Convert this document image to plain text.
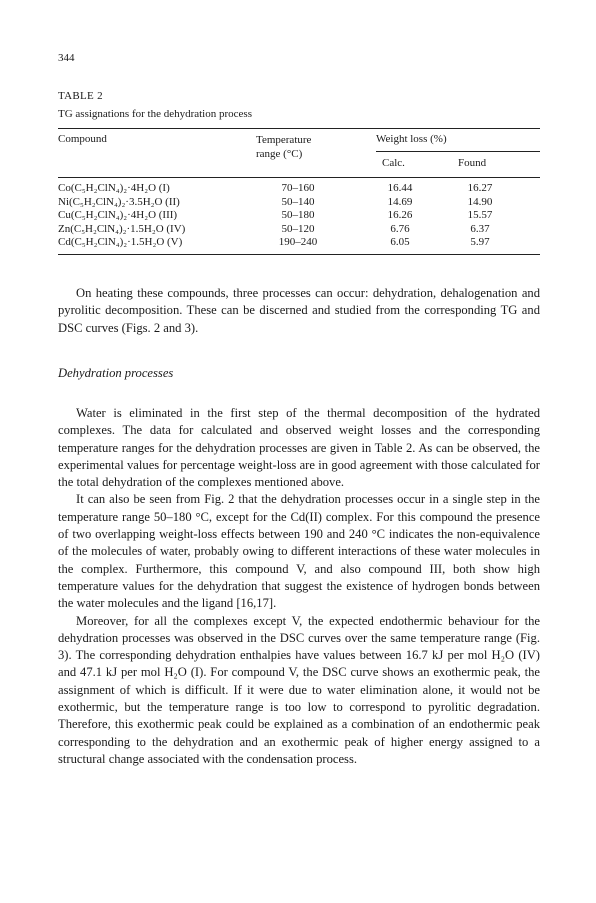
344
TABLE 2
TG assignations for the dehydration process
Compound	Temperature
range (°C)
Weight loss (%)
Calc.	Found
Co(C₅H₂ClN₄)₂·4H₂O (I)	70–160	16.44	16.27
Ni(C₅H₂ClN₄)₂·3.5H₂O (II)	50–140	14.69	14.90
Cu(C₅H₂ClN₄)₂·4H₂O (III)	50–180	16.26	15.57
Zn(C₅H₂ClN₄)₂·1.5H₂O (IV)	50–120	6.76	6.37
Cd(C₅H₂ClN₄)₂·1.5H₂O (V)	190–240	6.05	5.97

On heating these compounds, three processes can occur: dehydration, dehalogenation and pyrolitic decomposition. These can be discerned and studied from the corresponding TG and DSC curves (Figs. 2 and 3).

Dehydration processes

Water is eliminated in the first step of the thermal decomposition of the hydrated complexes. The data for calculated and observed weight losses and the corresponding temperature ranges for the dehydration processes are given in Table 2. As can be observed, the experimental values for percentage weight-loss are in good agreement with those calculated for the total dehydration of the complexes mentioned above.

It can also be seen from Fig. 2 that the dehydration processes occur in a single step in the temperature range 50–180 °C, except for the Cd(II) complex. For this compound the presence of two overlapping weight-loss effects between 190 and 240 °C indicates the non-equivalence of the molecules of water, probably owing to different interactions of these water molecules in the complex. Furthermore, this compound V, and also compound III, both show high temperature values for the dehydration that suggest the existence of hydrogen bonds between the water molecules and the ligand [16,17].

Moreover, for all the complexes except V, the expected endothermic behaviour for the dehydration processes was observed in the DSC curves over the same temperature range (Fig. 3). The corresponding dehydration enthalpies have values between 16.7 kJ per mol H₂O (IV) and 47.1 kJ per mol H₂O (I). For compound V, the DSC curve shows an exothermic peak, the assignment of which is difficult. If it were due to water elimination alone, it would not be exothermic, but the temperature range is too low to correspond to pyrolitic degradation. Therefore, this exothermic peak could be explained as a combination of an endothermic peak corresponding to the dehydration and an exothermic peak of higher energy assigned to a structural change associated with the condensation process.
